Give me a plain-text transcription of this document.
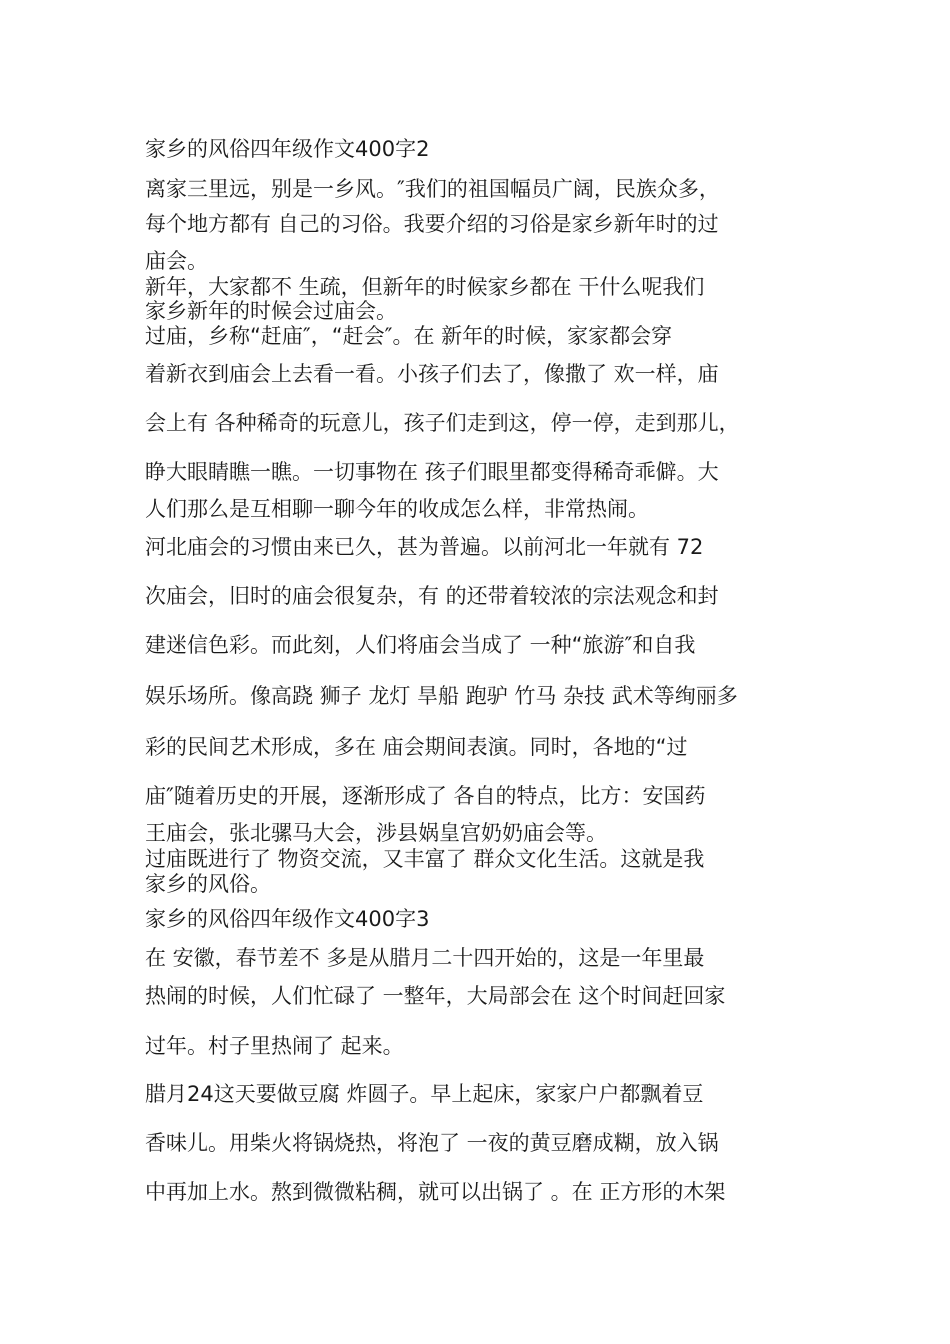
家乡的风俗四年级作文400字2
离家三里远，别是一乡风。″我们的祖国幅员广阔，民族众多，
每个地方都有 自己的习俗。我要介绍的习俗是家乡新年时的过
庙会。
新年，大家都不 生疏，但新年的时候家乡都在 干什么呢我们
家乡新年的时候会过庙会。
过庙，乡称“赶庙″，“赶会″。在 新年的时候，家家都会穿
着新衣到庙会上去看一看。小孩子们去了，像撒了 欢一样，庙
会上有 各种稀奇的玩意儿，孩子们走到这，停一停，走到那儿，
睁大眼睛瞧一瞧。一切事物在 孩子们眼里都变得稀奇乖僻。大
人们那么是互相聊一聊今年的收成怎么样，非常热闹。
河北庙会的习惯由来已久，甚为普遍。以前河北一年就有 72
次庙会，旧时的庙会很复杂，有 的还带着较浓的宗法观念和封
建迷信色彩。而此刻，人们将庙会当成了 一种“旅游″和自我
娱乐场所。像高跷 狮子 龙灯 旱船 跑驴 竹马 杂技 武术等绚丽多
彩的民间艺术形成，多在 庙会期间表演。同时，各地的“过
庙″随着历史的开展，逐渐形成了 各自的特点，比方：安国药
王庙会，张北骡马大会，涉县娲皇宫奶奶庙会等。
过庙既进行了 物资交流，又丰富了 群众文化生活。这就是我
家乡的风俗。
家乡的风俗四年级作文400字3
在 安徽，春节差不 多是从腊月二十四开始的，这是一年里最
热闹的时候，人们忙碌了 一整年，大局部会在 这个时间赶回家
过年。村子里热闹了 起来。
腊月24这天要做豆腐 炸圆子。早上起床，家家户户都飘着豆
香味儿。用柴火将锅烧热，将泡了 一夜的黄豆磨成糊，放入锅
中再加上水。熬到微微粘稠，就可以出锅了 。在 正方形的木架
